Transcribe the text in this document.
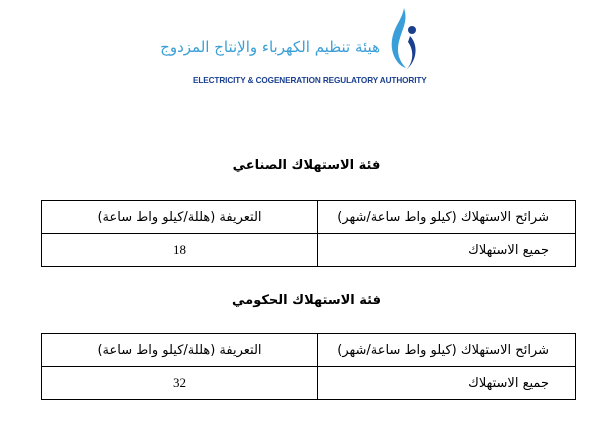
هيئة تنظيم الكهرباء والإنتاج المزدوج
ELECTRICITY & COGENERATION REGULATORY AUTHORITY
فئة الاستهلاك الصناعي
التعريفة (هللة/كيلو واط ساعة)	شرائح الاستهلاك (كيلو واط ساعة/شهر)
18	جميع الاستهلاك
فئة الاستهلاك الحكومي
التعريفة (هللة/كيلو واط ساعة)	شرائح الاستهلاك (كيلو واط ساعة/شهر)
32	جميع الاستهلاك
